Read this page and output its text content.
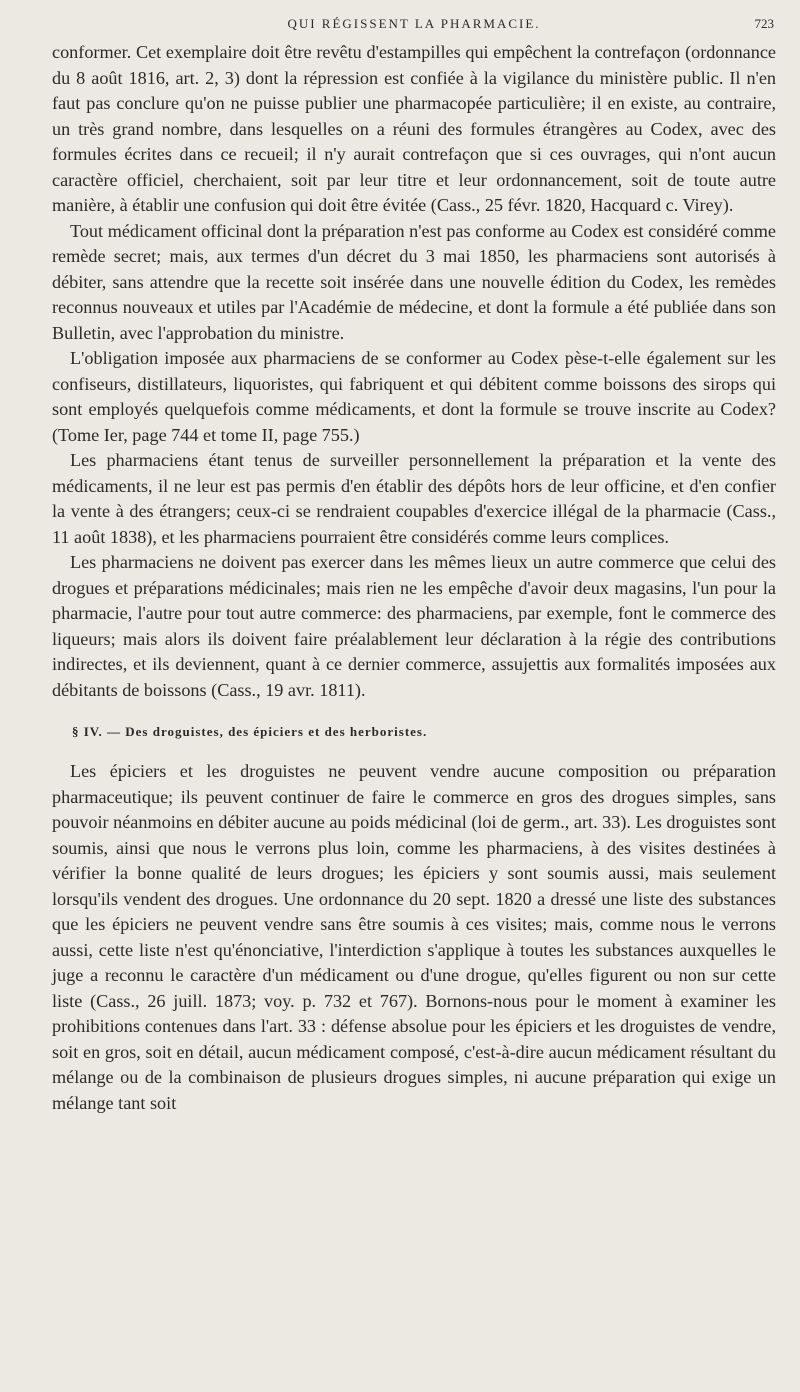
QUI RÉGISSENT LA PHARMACIE.	723

conformer. Cet exemplaire doit être revêtu d'estampilles qui empêchent la contrefaçon (ordonnance du 8 août 1816, art. 2, 3) dont la répression est confiée à la vigilance du ministère public. Il n'en faut pas conclure qu'on ne puisse publier une pharmacopée particulière; il en existe, au contraire, un très grand nombre, dans lesquelles on a réuni des formules étrangères au Codex, avec des formules écrites dans ce recueil; il n'y aurait contrefaçon que si ces ouvrages, qui n'ont aucun caractère officiel, cherchaient, soit par leur titre et leur ordonnancement, soit de toute autre manière, à établir une confusion qui doit être évitée (Cass., 25 févr. 1820, Hacquard c. Virey).

Tout médicament officinal dont la préparation n'est pas conforme au Codex est considéré comme remède secret; mais, aux termes d'un décret du 3 mai 1850, les pharmaciens sont autorisés à débiter, sans attendre que la recette soit insérée dans une nouvelle édition du Codex, les remèdes reconnus nouveaux et utiles par l'Académie de médecine, et dont la formule a été publiée dans son Bulletin, avec l'approbation du ministre.

L'obligation imposée aux pharmaciens de se conformer au Codex pèse-t-elle également sur les confiseurs, distillateurs, liquoristes, qui fabriquent et qui débitent comme boissons des sirops qui sont employés quelquefois comme médicaments, et dont la formule se trouve inscrite au Codex? (Tome Ier, page 744 et tome II, page 755.)

Les pharmaciens étant tenus de surveiller personnellement la préparation et la vente des médicaments, il ne leur est pas permis d'en établir des dépôts hors de leur officine, et d'en confier la vente à des étrangers; ceux-ci se rendraient coupables d'exercice illégal de la pharmacie (Cass., 11 août 1838), et les pharmaciens pourraient être considérés comme leurs complices.

Les pharmaciens ne doivent pas exercer dans les mêmes lieux un autre commerce que celui des drogues et préparations médicinales; mais rien ne les empêche d'avoir deux magasins, l'un pour la pharmacie, l'autre pour tout autre commerce: des pharmaciens, par exemple, font le commerce des liqueurs; mais alors ils doivent faire préalablement leur déclaration à la régie des contributions indirectes, et ils deviennent, quant à ce dernier commerce, assujettis aux formalités imposées aux débitants de boissons (Cass., 19 avr. 1811).

§ IV. — Des droguistes, des épiciers et des herboristes.

Les épiciers et les droguistes ne peuvent vendre aucune composition ou préparation pharmaceutique; ils peuvent continuer de faire le commerce en gros des drogues simples, sans pouvoir néanmoins en débiter aucune au poids médicinal (loi de germ., art. 33). Les droguistes sont soumis, ainsi que nous le verrons plus loin, comme les pharmaciens, à des visites destinées à vérifier la bonne qualité de leurs drogues; les épiciers y sont soumis aussi, mais seulement lorsqu'ils vendent des drogues. Une ordonnance du 20 sept. 1820 a dressé une liste des substances que les épiciers ne peuvent vendre sans être soumis à ces visites; mais, comme nous le verrons aussi, cette liste n'est qu'énonciative, l'interdiction s'applique à toutes les substances auxquelles le juge a reconnu le caractère d'un médicament ou d'une drogue, qu'elles figurent ou non sur cette liste (Cass., 26 juill. 1873; voy. p. 732 et 767). Bornons-nous pour le moment à examiner les prohibitions contenues dans l'art. 33 : défense absolue pour les épiciers et les droguistes de vendre, soit en gros, soit en détail, aucun médicament composé, c'est-à-dire aucun médicament résultant du mélange ou de la combinaison de plusieurs drogues simples, ni aucune préparation qui exige un mélange tant soit
